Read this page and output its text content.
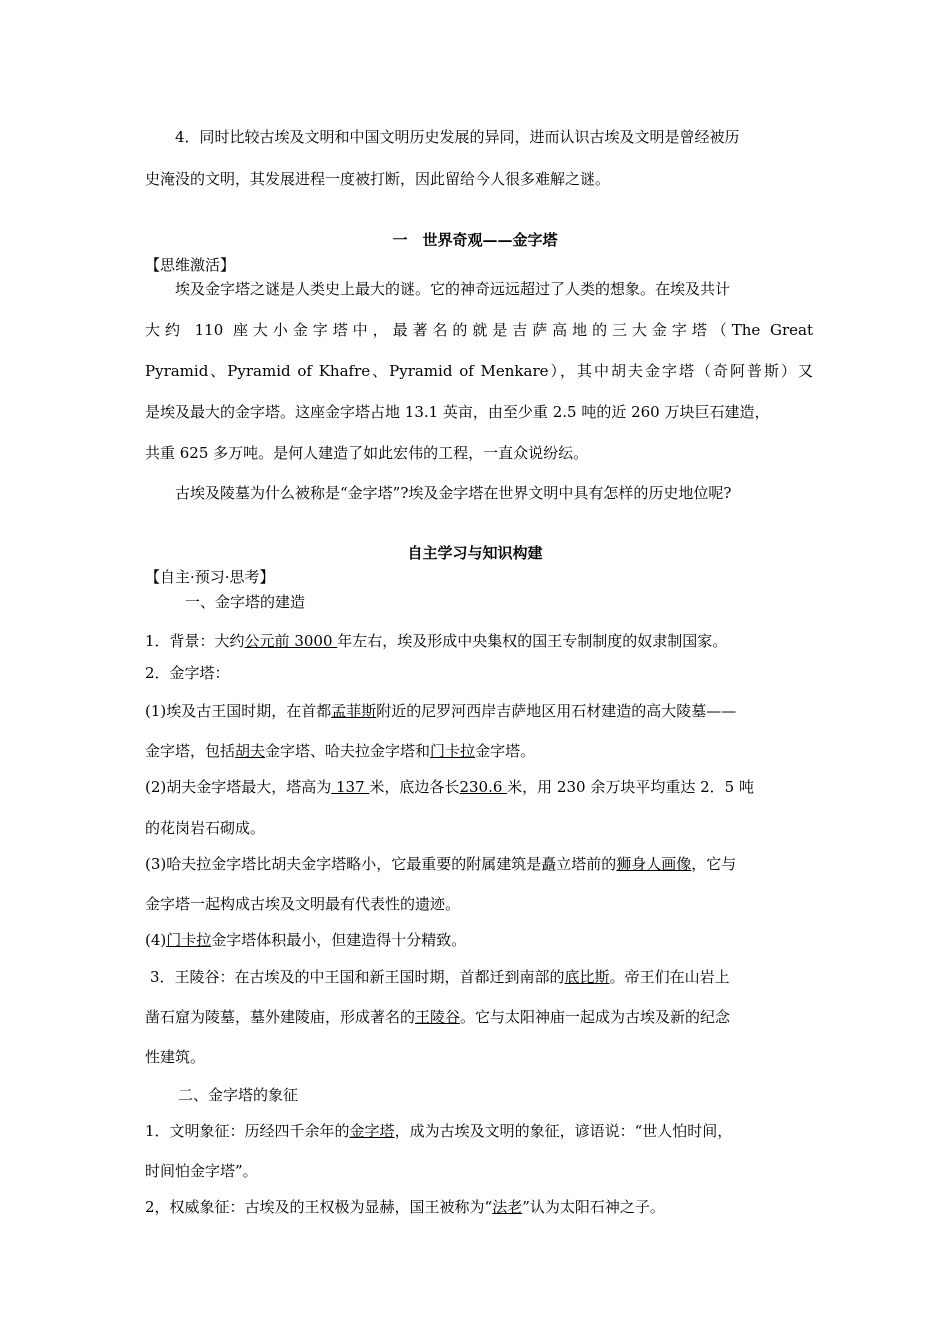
4．同时比较古埃及文明和中国文明历史发展的异同，进而认识古埃及文明是曾经被历
史淹没的文明，其发展进程一度被打断，因此留给今人很多难解之谜。
一　世界奇观——金字塔
【思维激活】
埃及金字塔之谜是人类史上最大的谜。它的神奇远远超过了人类的想象。在埃及共计
大约 110 座大小金字塔中，最著名的就是吉萨高地的三大金字塔（The Great
Pyramid、Pyramid of Khafre、Pyramid of Menkare），其中胡夫金字塔（奇阿普斯）又
是埃及最大的金字塔。这座金字塔占地 13.1 英亩，由至少重 2.5 吨的近 260 万块巨石建造，
共重 625 多万吨。是何人建造了如此宏伟的工程，一直众说纷纭。
古埃及陵墓为什么被称是“金字塔”?埃及金字塔在世界文明中具有怎样的历史地位呢?
自主学习与知识构建
【自主·预习·思考】
一、金字塔的建造
1．背景：大约公元前 3000 年左右，埃及形成中央集权的国王专制制度的奴隶制国家。
2．金字塔：
(1)埃及古王国时期，在首都孟菲斯附近的尼罗河西岸吉萨地区用石材建造的高大陵墓——
金字塔，包括胡夫金字塔、哈夫拉金字塔和门卡拉金字塔。
(2)胡夫金字塔最大，塔高为 137 米，底边各长230.6 米，用 230 余万块平均重达 2．5 吨
的花岗岩石砌成。
(3)哈夫拉金字塔比胡夫金字塔略小，它最重要的附属建筑是矗立塔前的狮身人画像，它与
金字塔一起构成古埃及文明最有代表性的遗迹。
(4)门卡拉金字塔体积最小，但建造得十分精致。
3．王陵谷：在古埃及的中王国和新王国时期，首都迁到南部的底比斯。帝王们在山岩上
凿石窟为陵墓，墓外建陵庙，形成著名的王陵谷。它与太阳神庙一起成为古埃及新的纪念
性建筑。
二、金字塔的象征
1．文明象征：历经四千余年的金字塔，成为古埃及文明的象征，谚语说：“世人怕时间，
时间怕金字塔”。
2，权威象征：古埃及的王权极为显赫，国王被称为“法老”认为太阳石神之子。
